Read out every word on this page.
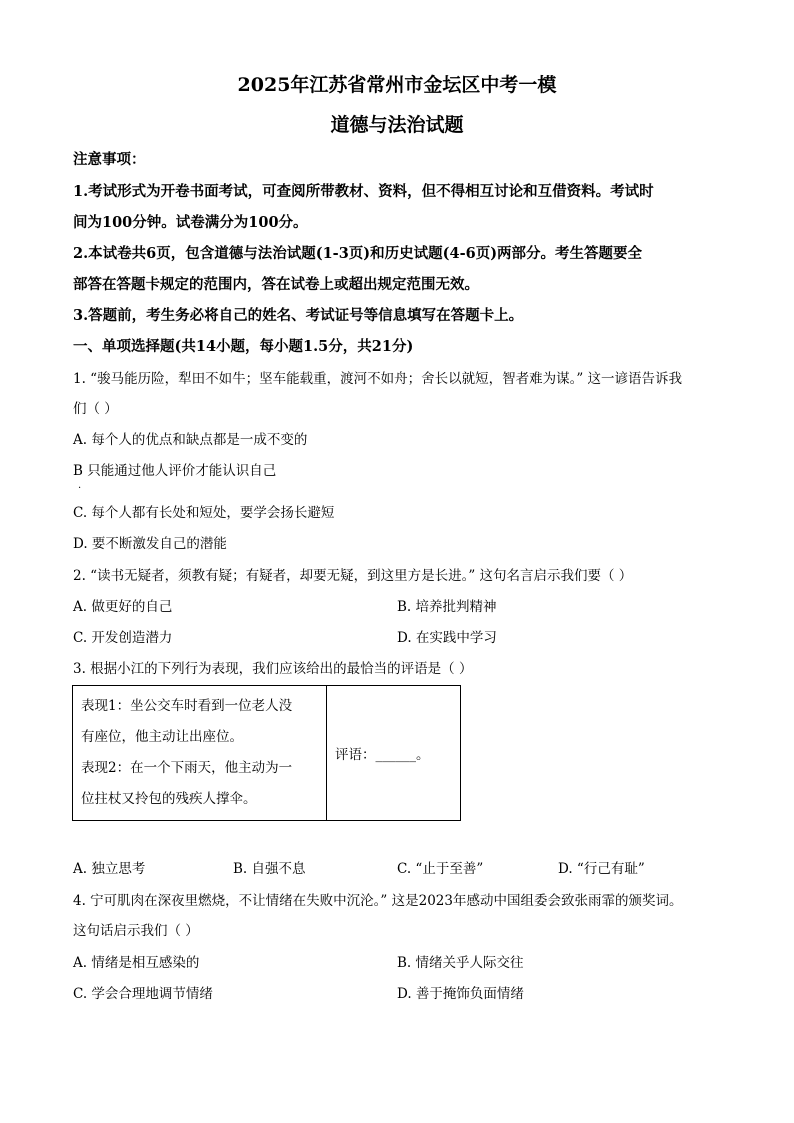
2025年江苏省常州市金坛区中考一模
道德与法治试题
注意事项：
1.考试形式为开卷书面考试，可查阅所带教材、资料，但不得相互讨论和互借资料。考试时
间为100分钟。试卷满分为100分。
2.本试卷共6页，包含道德与法治试题(1-3页)和历史试题(4-6页)两部分。考生答题要全
部答在答题卡规定的范围内，答在试卷上或超出规定范围无效。
3.答题前，考生务必将自己的姓名、考试证号等信息填写在答题卡上。
一、单项选择题(共14小题，每小题1.5分，共21分)
1. “骏马能历险，犁田不如牛；坚车能载重，渡河不如舟；舍长以就短，智者难为谋。” 这一谚语告诉我
们（ ）
A. 每个人的优点和缺点都是一成不变的
B 只能通过他人评价才能认识自己
.
C. 每个人都有长处和短处，要学会扬长避短
D. 要不断激发自己的潜能
2. “读书无疑者，须教有疑；有疑者，却要无疑，到这里方是长进。” 这句名言启示我们要（ ）
A. 做更好的自己	B. 培养批判精神
C. 开发创造潜力	D. 在实践中学习
3. 根据小江的下列行为表现，我们应该给出的最恰当的评语是（ ）
表现1：坐公交车时看到一位老人没
有座位，他主动让出座位。
表现2：在一个下雨天，他主动为一
位拄杖又拎包的残疾人撑伞。
	评语：______。
A. 独立思考	B. 自强不息	C. “止于至善”	D. “行己有耻”
4. 宁可肌肉在深夜里燃烧，不让情绪在失败中沉沦。” 这是2023年感动中国组委会致张雨霏的颁奖词。
这句话启示我们（ ）
A. 情绪是相互感染的	B. 情绪关乎人际交往
C. 学会合理地调节情绪	D. 善于掩饰负面情绪
